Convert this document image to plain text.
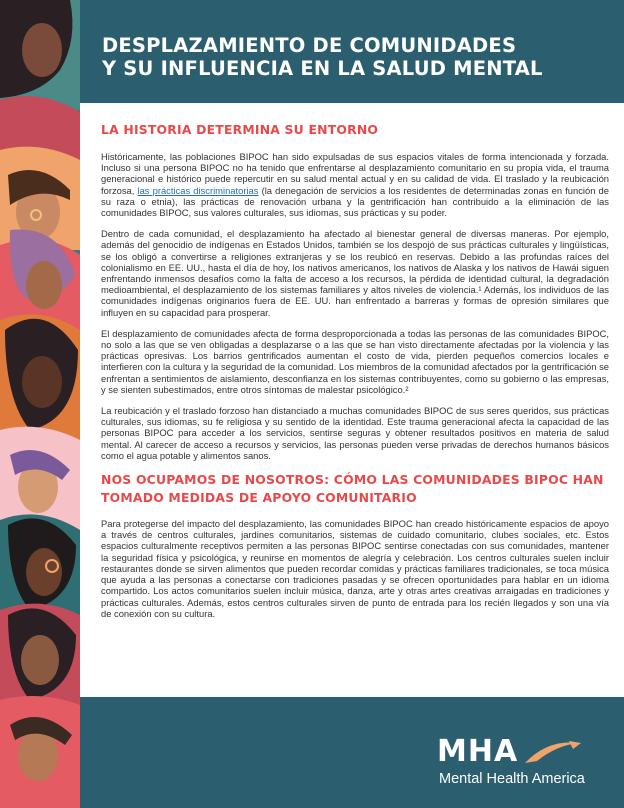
DESPLAZAMIENTO DE COMUNIDADES
Y SU INFLUENCIA EN LA SALUD MENTAL
LA HISTORIA DETERMINA SU ENTORNO

Históricamente, las poblaciones BIPOC han sido expulsadas de sus espacios vitales de forma intencionada y forzada. Incluso si una persona BIPOC no ha tenido que enfrentarse al desplazamiento comunitario en su propia vida, el trauma generacional e histórico puede repercutir en su salud mental actual y en su calidad de vida. El traslado y la reubicación forzosa, las prácticas discriminatorias (la denegación de servicios a los residentes de determinadas zonas en función de su raza o etnia), las prácticas de renovación urbana y la gentrificación han contribuido a la eliminación de las comunidades BIPOC, sus valores culturales, sus idiomas, sus prácticas y su poder.

Dentro de cada comunidad, el desplazamiento ha afectado al bienestar general de diversas maneras. Por ejemplo, además del genocidio de indígenas en Estados Unidos, también se los despojó de sus prácticas culturales y lingüísticas, se los obligó a convertirse a religiones extranjeras y se los reubicó en reservas. Debido a las profundas raíces del colonialismo en EE. UU., hasta el día de hoy, los nativos americanos, los nativos de Alaska y los nativos de Hawái siguen enfrentando inmensos desafíos como la falta de acceso a los recursos, la pérdida de identidad cultural, la degradación medioambiental, el desplazamiento de los sistemas familiares y altos niveles de violencia.¹ Además, los individuos de las comunidades indígenas originarios fuera de EE. UU. han enfrentado a barreras y formas de opresión similares que influyen en su capacidad para prosperar.

El desplazamiento de comunidades afecta de forma desproporcionada a todas las personas de las comunidades BIPOC, no solo a las que se ven obligadas a desplazarse o a las que se han visto directamente afectadas por la violencia y las prácticas opresivas. Los barrios gentrificados aumentan el costo de vida, pierden pequeños comercios locales e interfieren con la cultura y la seguridad de la comunidad. Los miembros de la comunidad afectados por la gentrificación se enfrentan a sentimientos de aislamiento, desconfianza en los sistemas contribuyentes, como su gobierno o las empresas, y se sienten subestimados, entre otros síntomas de malestar psicológico.²

La reubicación y el traslado forzoso han distanciado a muchas comunidades BIPOC de sus seres queridos, sus prácticas culturales, sus idiomas, su fe religiosa y su sentido de la identidad. Este trauma generacional afecta la capacidad de las personas BIPOC para acceder a los servicios, sentirse seguras y obtener resultados positivos en materia de salud mental. Al carecer de acceso a recursos y servicios, las personas pueden verse privadas de derechos humanos básicos como el agua potable y alimentos sanos.

NOS OCUPAMOS DE NOSOTROS: CÓMO LAS COMUNIDADES BIPOC HAN TOMADO MEDIDAS DE APOYO COMUNITARIO

Para protegerse del impacto del desplazamiento, las comunidades BIPOC han creado históricamente espacios de apoyo a través de centros culturales, jardines comunitarios, sistemas de cuidado comunitario, clubes sociales, etc. Estos espacios culturalmente receptivos permiten a las personas BIPOC sentirse conectadas con sus comunidades, mantener la seguridad física y psicológica, y reunirse en momentos de alegría y celebración. Los centros culturales suelen incluir restaurantes donde se sirven alimentos que pueden recordar comidas y prácticas familiares tradicionales, se toca música que ayuda a las personas a conectarse con tradiciones pasadas y se ofrecen oportunidades para hablar en un idioma compartido. Los actos comunitarios suelen incluir música, danza, arte y otras artes creativas arraigadas en tradiciones y prácticas culturales. Además, estos centros culturales sirven de punto de entrada para los recién llegados y son una vía de conexión con su cultura.

MHA
Mental Health America
